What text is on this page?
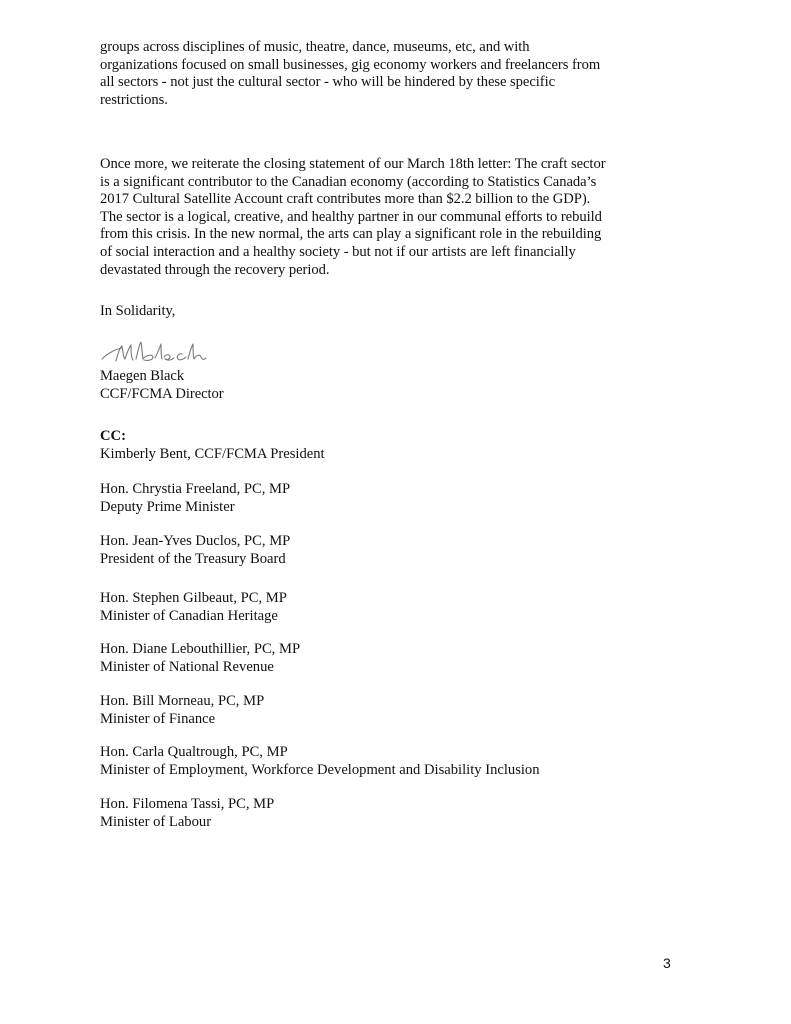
groups across disciplines of music, theatre, dance, museums, etc, and with
organizations focused on small businesses, gig economy workers and freelancers from
all sectors - not just the cultural sector - who will be hindered by these specific
restrictions.
Once more, we reiterate the closing statement of our March 18th letter: The craft sector
is a significant contributor to the Canadian economy (according to Statistics Canada’s
2017 Cultural Satellite Account craft contributes more than $2.2 billion to the GDP).
The sector is a logical, creative, and healthy partner in our communal efforts to rebuild
from this crisis. In the new normal, the arts can play a significant role in the rebuilding
of social interaction and a healthy society - but not if our artists are left financially
devastated through the recovery period.
In Solidarity,
Maegen Black
CCF/FCMA Director
CC:
Kimberly Bent, CCF/FCMA President
Hon. Chrystia Freeland, PC, MP
Deputy Prime Minister
Hon. Jean-Yves Duclos, PC, MP
President of the Treasury Board
Hon. Stephen Gilbeaut, PC, MP
Minister of Canadian Heritage
Hon. Diane Lebouthillier, PC, MP
Minister of National Revenue
Hon. Bill Morneau, PC, MP
Minister of Finance
Hon. Carla Qualtrough, PC, MP
Minister of Employment, Workforce Development and Disability Inclusion
Hon. Filomena Tassi, PC, MP
Minister of Labour
3
